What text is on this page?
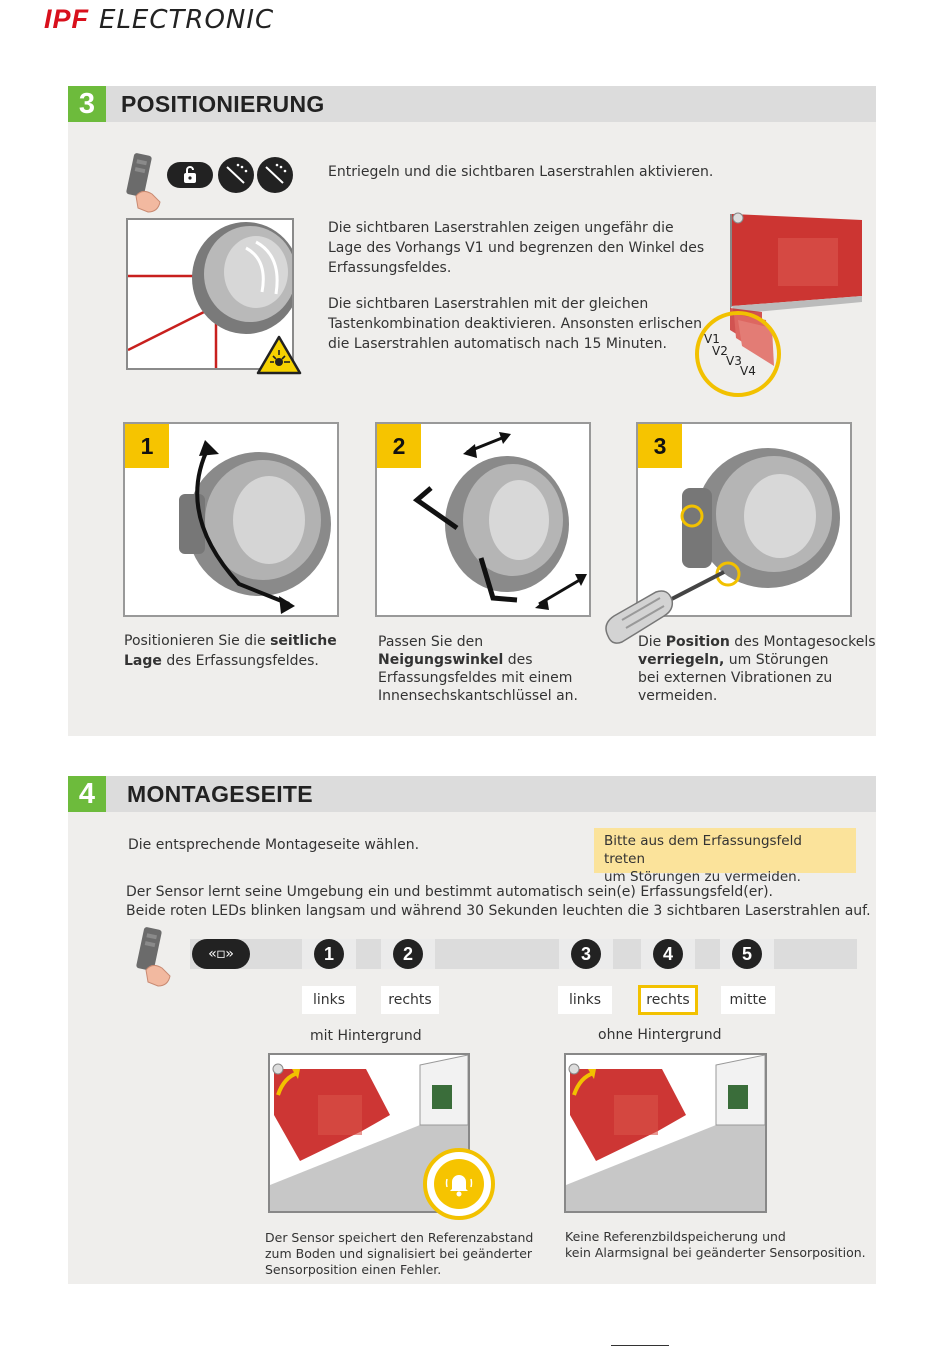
IPF ELECTRONIC
3	POSITIONIERUNG
Entriegeln und die sichtbaren Laserstrahlen aktivieren.
Die sichtbaren Laserstrahlen zeigen ungefähr die
Lage des Vorhangs V1 und begrenzen den Winkel des
Erfassungsfeldes.
Die sichtbaren Laserstrahlen mit der gleichen
Tastenkombination deaktivieren. Ansonsten erlischen
die Laserstrahlen automatisch nach 15 Minuten.	V1
V2
V3
V4
1	2	3
Positionieren Sie die seitliche
Lage des Erfassungsfeldes.
Passen Sie den
Neigungswinkel des
Erfassungsfeldes mit einem
Innensechskantschlüssel an.
Die Position des Montagesockels
verriegeln, um Störungen
bei externen Vibrationen zu
vermeiden.
4	MONTAGESEITE
Die entsprechende Montageseite wählen.	Bitte aus dem Erfassungsfeld treten
um Störungen zu vermeiden.
Der Sensor lernt seine Umgebung ein und bestimmt automatisch sein(e) Erfassungsfeld(er).
Beide roten LEDs blinken langsam und während 30 Sekunden leuchten die 3 sichtbaren Laserstrahlen auf.
«◻»	1	2	3	4	5
links	rechts	links	rechts	mitte
mit Hintergrund	ohne Hintergrund
Der Sensor speichert den Referenzabstand
zum Boden und signalisiert bei geänderter
Sensorposition einen Fehler.
Keine Referenzbildspeicherung und
kein Alarmsignal bei geänderter Sensorposition.
